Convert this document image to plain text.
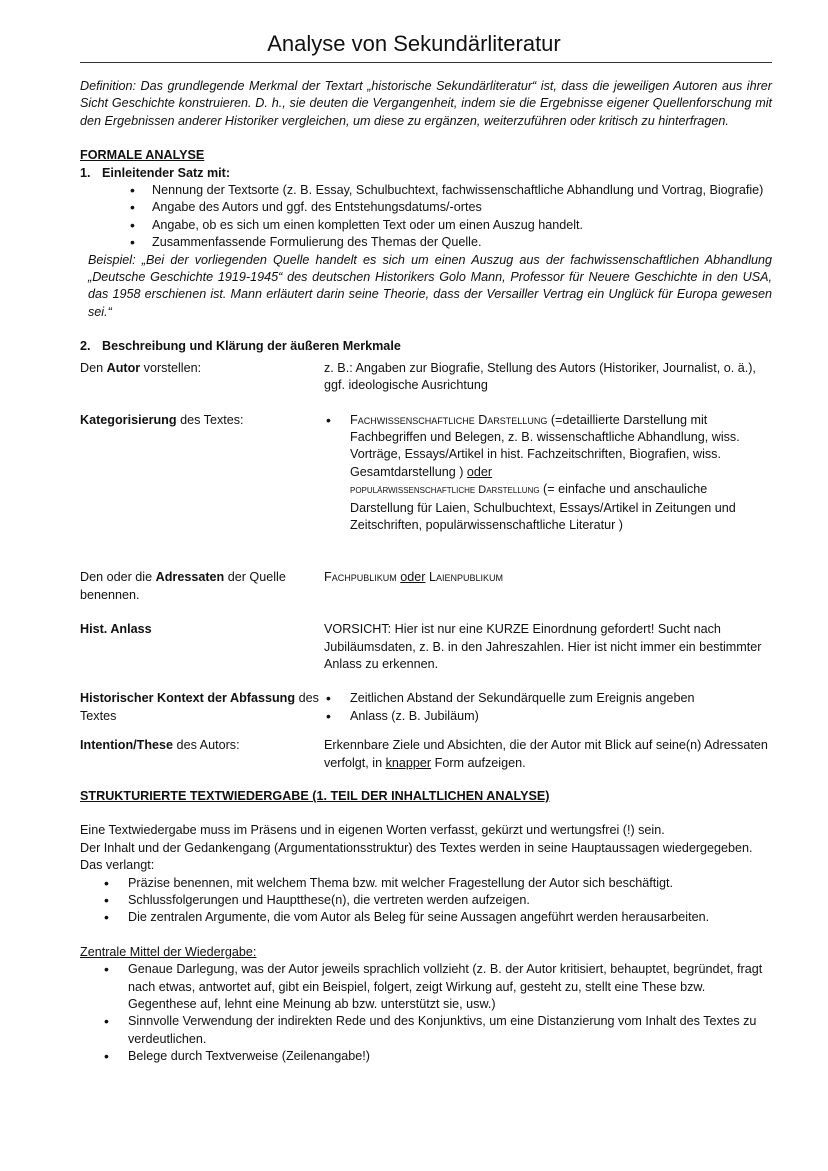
Analyse von Sekundärliteratur

Definition: Das grundlegende Merkmal der Textart „historische Sekundärliteratur“ ist, dass die jeweiligen Autoren aus ihrer Sicht Geschichte konstruieren. D. h., sie deuten die Vergangenheit, indem sie die Ergebnisse eigener Quellenforschung mit den Ergebnissen anderer Historiker vergleichen, um diese zu ergänzen, weiterzuführen oder kritisch zu hinterfragen.

FORMALE ANALYSE

1. Einleitender Satz mit:

• Nennung der Textsorte (z. B. Essay, Schulbuchtext, fachwissenschaftliche Abhandlung und Vortrag, Biografie)
• Angabe des Autors und ggf. des Entstehungsdatums/-ortes
• Angabe, ob es sich um einen kompletten Text oder um einen Auszug handelt.
• Zusammenfassende Formulierung des Themas der Quelle.

Beispiel: „Bei der vorliegenden Quelle handelt es sich um einen Auszug aus der fachwissenschaftlichen Abhandlung „Deutsche Geschichte 1919-1945“ des deutschen Historikers Golo Mann, Professor für Neuere Geschichte in den USA, das 1958 erschienen ist. Mann erläutert darin seine Theorie, dass der Versailler Vertrag ein Unglück für Europa gewesen sei.“

2. Beschreibung und Klärung der äußeren Merkmale

Den Autor vorstellen:	z. B.: Angaben zur Biografie, Stellung des Autors (Historiker, Journalist, o. ä.), ggf. ideologische Ausrichtung
Kategorisierung des Textes:
•	Fachwissenschaftliche Darstellung (=detaillierte Darstellung mit Fachbegriffen und Belegen, z. B. wissenschaftliche Abhandlung, wiss. Vorträge, Essays/Artikel in hist. Fachzeitschriften, Biografien, wiss. Gesamtdarstellung ) oder
populärwissenschaftliche Darstellung (= einfache und anschauliche Darstellung für Laien, Schulbuchtext, Essays/Artikel in Zeitungen und Zeitschriften, populärwissenschaftliche Literatur )
Den oder die Adressaten der Quelle benennen.
Fachpublikum oder Laienpublikum
Hist. Anlass	VORSICHT: Hier ist nur eine KURZE Einordnung gefordert! Sucht nach Jubiläumsdaten, z. B. in den Jahreszahlen. Hier ist nicht immer ein bestimmter Anlass zu erkennen.
Historischer Kontext der Abfassung des Textes
• Zeitlichen Abstand der Sekundärquelle zum Ereignis angeben
• Anlass (z. B. Jubiläum)
Intention/These des Autors:	Erkennbare Ziele und Absichten, die der Autor mit Blick auf seine(n) Adressaten verfolgt, in knapper Form aufzeigen.

STRUKTURIERTE TEXTWIEDERGABE (1. TEIL DER INHALTLICHEN ANALYSE)

Eine Textwiedergabe muss im Präsens und in eigenen Worten verfasst, gekürzt und wertungsfrei (!) sein.

Der Inhalt und der Gedankengang (Argumentationsstruktur) des Textes werden in seine Hauptaussagen wiedergegeben.

Das verlangt:

• Präzise benennen, mit welchem Thema bzw. mit welcher Fragestellung der Autor sich beschäftigt.
• Schlussfolgerungen und Hauptthese(n), die vertreten werden aufzeigen.
• Die zentralen Argumente, die vom Autor als Beleg für seine Aussagen angeführt werden herausarbeiten.

Zentrale Mittel der Wiedergabe:

• Genaue Darlegung, was der Autor jeweils sprachlich vollzieht (z. B. der Autor kritisiert, behauptet, begründet, fragt nach etwas, antwortet auf, gibt ein Beispiel, folgert, zeigt Wirkung auf, gesteht zu, stellt eine These bzw. Gegenthese auf, lehnt eine Meinung ab bzw. unterstützt sie, usw.)
• Sinnvolle Verwendung der indirekten Rede und des Konjunktivs, um eine Distanzierung vom Inhalt des Textes zu verdeutlichen.
• Belege durch Textverweise (Zeilenangabe!)
